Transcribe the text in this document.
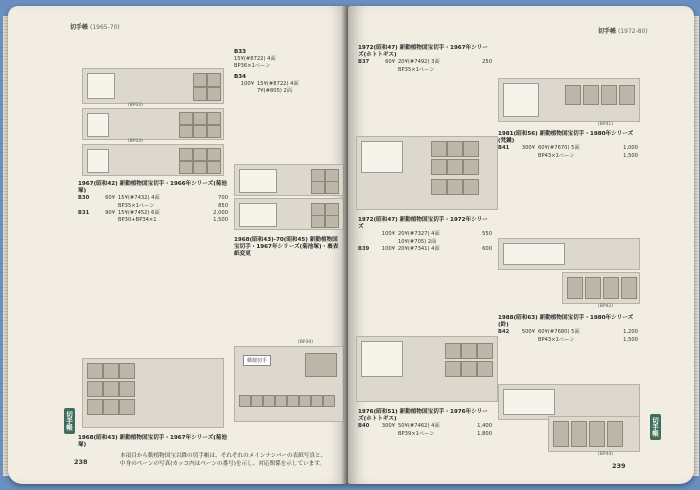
切手帳 (1965-70)
(BP33)
(BP34)
1967(昭和42) 新動植物国宝切手・1966年シリーズ(菊池塚)
B30	60¥ 15¥(#7432) 4面	700
BP35×1ペーン	850
B31	90¥ 15¥(#7452) 6面	2,000
BP30+BP34×1	1,500
1968(昭和43) 新動植物国宝切手・1967年シリーズ(菊池塚)
B33
15¥(#8722) 4面
BP36×1ペーン
B34
100¥ 15¥(#8722) 4面
7¥(#805) 2面
1968(昭和43)-70(昭和45) 新動植物国宝切手・1967年シリーズ(菊池塚)・裏表紙変更
郵便切手
(BP39)
切手帳
238
本項目から動植物国宝以降の切手帳は、それぞれのメインナンバーの表紙写真と、
中身のペーンの写真(カッコ内はペーンの番号)を示し、対応関係を示しています。
切手帳 (1972-80)
1972(昭和47) 新動植物国宝切手・1967年シリーズ(ホトトギス)
B37	60¥ 20¥(#7492) 3面	250
BP35×1ペーン
1972(昭和47) 新動植物国宝切手・1972年シリーズ
100¥ 20¥(#7327) 4面	550
10¥(#705) 2面
B39	100¥ 20¥(#7341) 4面	600
1976(昭和51) 新動植物国宝切手・1976年シリーズ(ホトトギス)
B40	300¥ 50¥(#7462) 4面	1,400
BP39×1ペーン	1,800
(BP41)
1981(昭和56) 新動植物国宝切手・1980年シリーズ(梵鐘)
B41	300¥ 60¥(#7670) 5面	1,000
BP43×1ペーン	1,500
(BP42)
1988(昭和63) 新動植物国宝切手・1980年シリーズ(鈴)
B42	500¥ 60¥(#7680) 5面	1,200
BP43×1ペーン	1,500
(BP44)
切手帳
239
